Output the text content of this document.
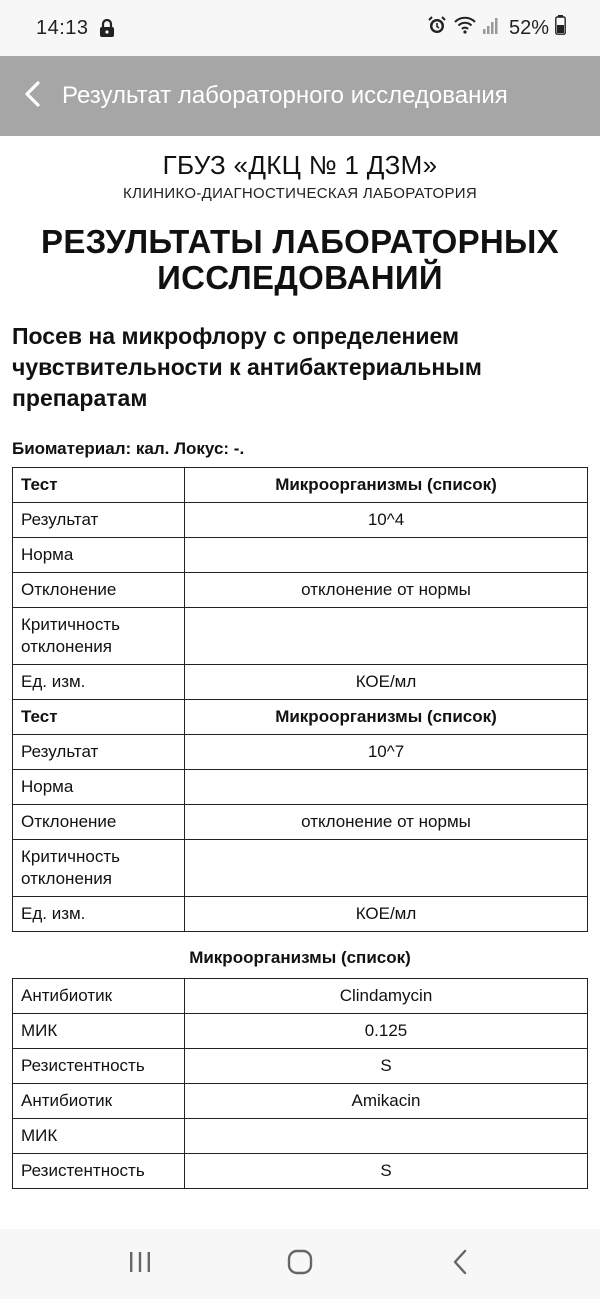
14:13	52%
Результат лабораторного исследования
ГБУЗ «ДКЦ № 1 ДЗМ»
КЛИНИКО-ДИАГНОСТИЧЕСКАЯ ЛАБОРАТОРИЯ
РЕЗУЛЬТАТЫ ЛАБОРАТОРНЫХ ИССЛЕДОВАНИЙ
Посев на микрофлору с определением чувствительности к антибактериальным препаратам
Биоматериал: кал. Локус: -.
Тест	Микроорганизмы (список)
Результат	10^4
Норма	
Отклонение	отклонение от нормы
Критичность отклонения	
Ед. изм.	КОЕ/мл
Тест	Микроорганизмы (список)
Результат	10^7
Норма	
Отклонение	отклонение от нормы
Критичность отклонения	
Ед. изм.	КОЕ/мл
Микроорганизмы (список)
Антибиотик	Clindamycin
МИК	0.125
Резистентность	S
Антибиотик	Amikacin
МИК	
Резистентность	S
